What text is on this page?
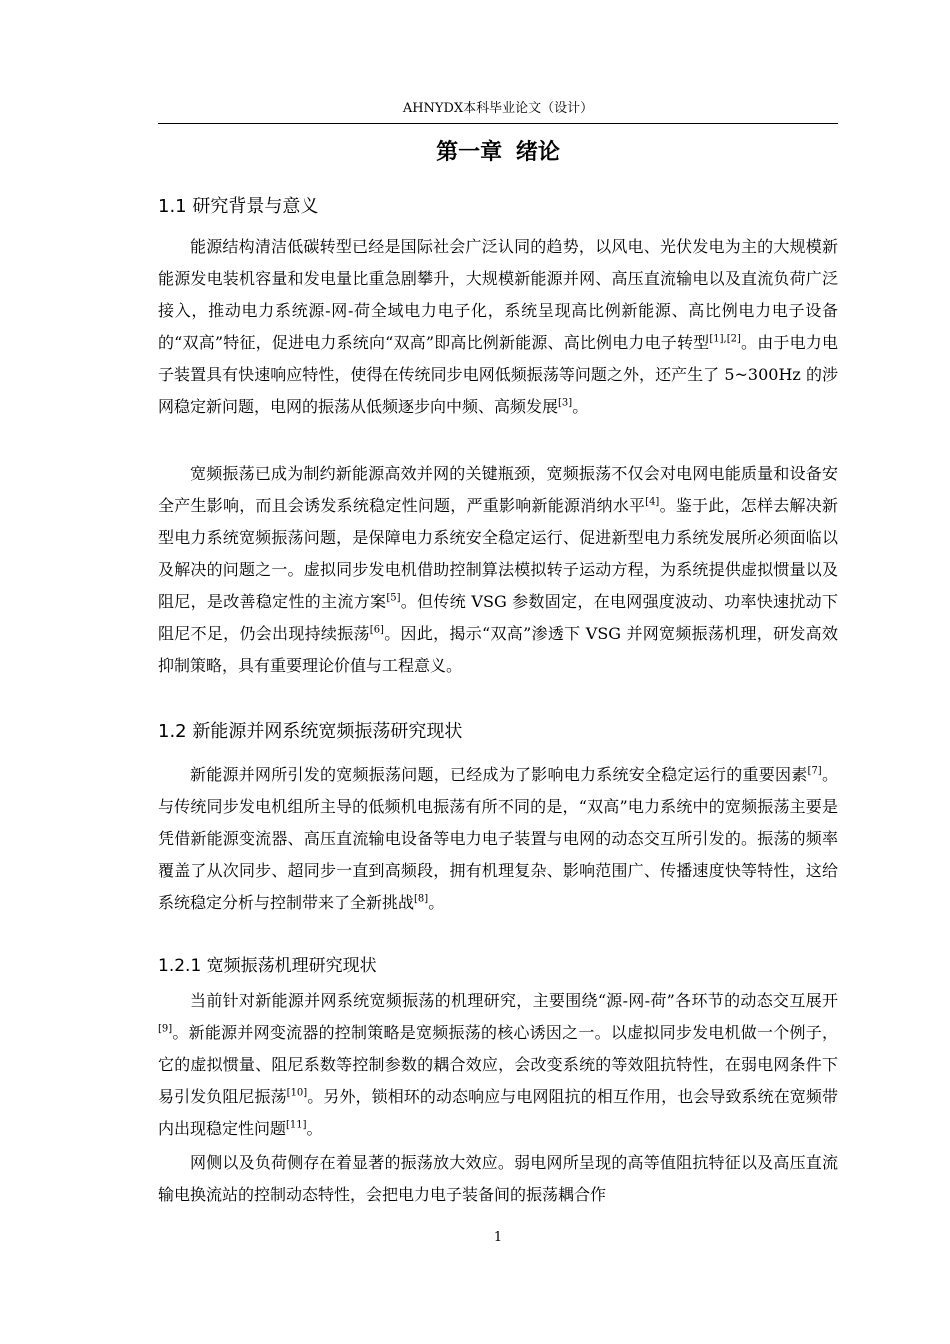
AHNYDX本科毕业论文（设计）
第一章 绪论
1.1 研究背景与意义
能源结构清洁低碳转型已经是国际社会广泛认同的趋势，以风电、光伏发电为主的大规模新能源发电装机容量和发电量比重急剧攀升，大规模新能源并网、高压直流输电以及直流负荷广泛接入，推动电力系统源-网-荷全域电力电子化，系统呈现高比例新能源、高比例电力电子设备的“双高”特征，促进电力系统向“双高”即高比例新能源、高比例电力电子转型[1],[2]。由于电力电子装置具有快速响应特性，使得在传统同步电网低频振荡等问题之外，还产生了 5~300Hz 的涉网稳定新问题，电网的振荡从低频逐步向中频、高频发展[3]。
宽频振荡已成为制约新能源高效并网的关键瓶颈，宽频振荡不仅会对电网电能质量和设备安全产生影响，而且会诱发系统稳定性问题，严重影响新能源消纳水平[4]。鉴于此，怎样去解决新型电力系统宽频振荡问题，是保障电力系统安全稳定运行、促进新型电力系统发展所必须面临以及解决的问题之一。虚拟同步发电机借助控制算法模拟转子运动方程，为系统提供虚拟惯量以及阻尼，是改善稳定性的主流方案[5]。但传统 VSG 参数固定，在电网强度波动、功率快速扰动下阻尼不足，仍会出现持续振荡[6]。因此，揭示“双高”渗透下 VSG 并网宽频振荡机理，研发高效抑制策略，具有重要理论价值与工程意义。
1.2 新能源并网系统宽频振荡研究现状
新能源并网所引发的宽频振荡问题，已经成为了影响电力系统安全稳定运行的重要因素[7]。与传统同步发电机组所主导的低频机电振荡有所不同的是，“双高”电力系统中的宽频振荡主要是凭借新能源变流器、高压直流输电设备等电力电子装置与电网的动态交互所引发的。振荡的频率覆盖了从次同步、超同步一直到高频段，拥有机理复杂、影响范围广、传播速度快等特性，这给系统稳定分析与控制带来了全新挑战[8]。
1.2.1 宽频振荡机理研究现状
当前针对新能源并网系统宽频振荡的机理研究，主要围绕“源-网-荷”各环节的动态交互展开[9]。新能源并网变流器的控制策略是宽频振荡的核心诱因之一。以虚拟同步发电机做一个例子，它的虚拟惯量、阻尼系数等控制参数的耦合效应，会改变系统的等效阻抗特性，在弱电网条件下易引发负阻尼振荡[10]。另外，锁相环的动态响应与电网阻抗的相互作用，也会导致系统在宽频带内出现稳定性问题[11]。
网侧以及负荷侧存在着显著的振荡放大效应。弱电网所呈现的高等值阻抗特征以及高压直流输电换流站的控制动态特性，会把电力电子装备间的振荡耦合作
1
